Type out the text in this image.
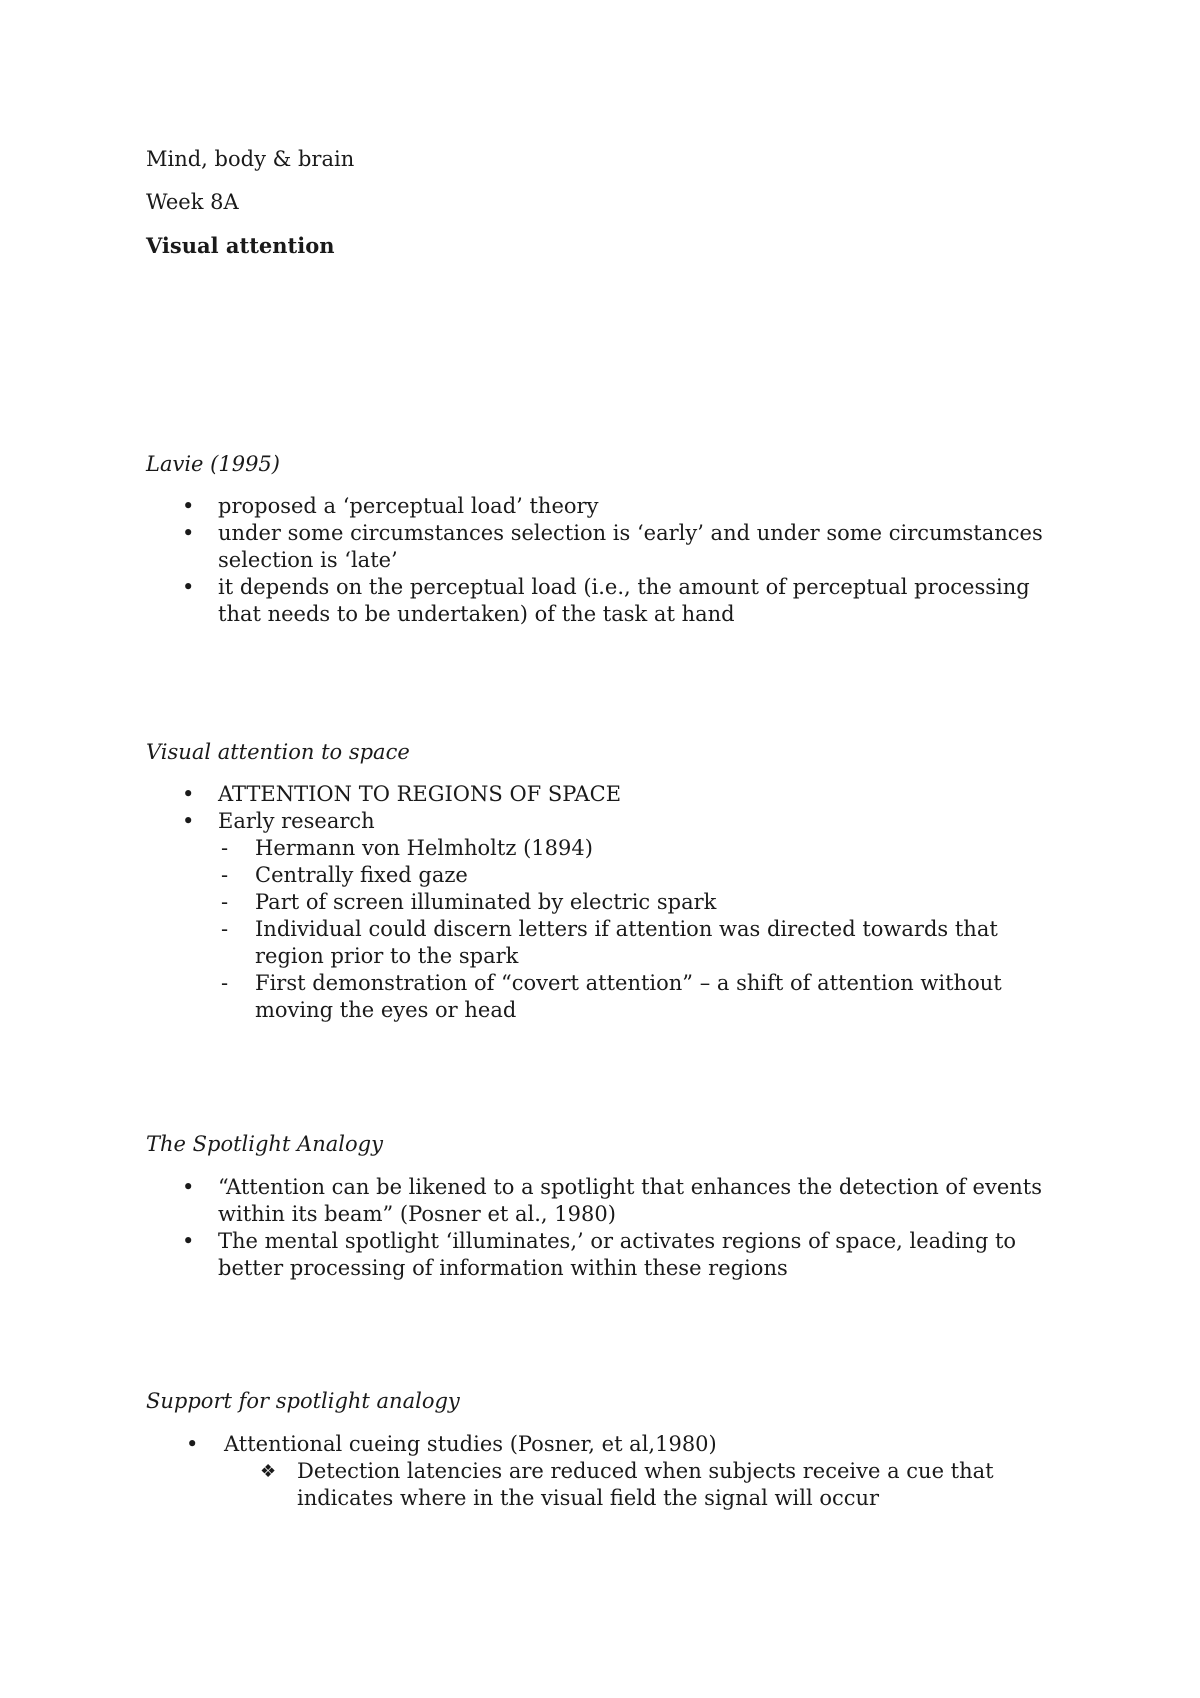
Mind, body & brain
Week 8A
Visual attention
Lavie (1995)
• proposed a ‘perceptual load’ theory
• under some circumstances selection is ‘early’ and under some circumstances selection is ‘late’
• it depends on the perceptual load (i.e., the amount of perceptual processing that needs to be undertaken) of the task at hand
Visual attention to space
• ATTENTION TO REGIONS OF SPACE
• Early research
- Hermann von Helmholtz (1894)
- Centrally fixed gaze
- Part of screen illuminated by electric spark
- Individual could discern letters if attention was directed towards that region prior to the spark
- First demonstration of “covert attention” – a shift of attention without moving the eyes or head
The Spotlight Analogy
• “Attention can be likened to a spotlight that enhances the detection of events within its beam” (Posner et al., 1980)
• The mental spotlight ‘illuminates,’ or activates regions of space, leading to better processing of information within these regions
Support for spotlight analogy
• Attentional cueing studies (Posner, et al,1980)
❖ Detection latencies are reduced when subjects receive a cue that indicates where in the visual field the signal will occur
